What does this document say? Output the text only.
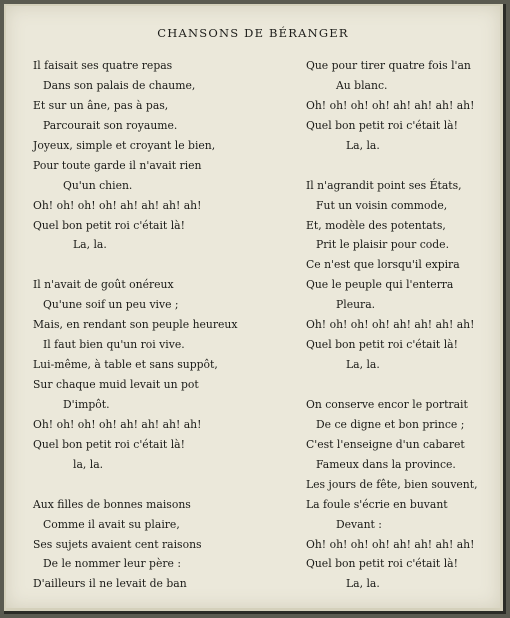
CHANSONS DE BÉRANGER
Il faisait ses quatre repas
Dans son palais de chaume,
Et sur un âne, pas à pas,
Parcourait son royaume.
Joyeux, simple et croyant le bien,
Pour toute garde il n'avait rien
Qu'un chien.
Oh! oh! oh! oh! ah! ah! ah! ah!
Quel bon petit roi c'était là!
La, la.
Il n'avait de goût onéreux
Qu'une soif un peu vive ;
Mais, en rendant son peuple heureux
Il faut bien qu'un roi vive.
Lui-même, à table et sans suppôt,
Sur chaque muid levait un pot
D'impôt.
Oh! oh! oh! oh! ah! ah! ah! ah!
Quel bon petit roi c'était là!
la, la.
Aux filles de bonnes maisons
Comme il avait su plaire,
Ses sujets avaient cent raisons
De le nommer leur père :
D'ailleurs il ne levait de ban
Que pour tirer quatre fois l'an
Au blanc.
Oh! oh! oh! oh! ah! ah! ah! ah!
Quel bon petit roi c'était là!
La, la.
Il n'agrandit point ses États,
Fut un voisin commode,
Et, modèle des potentats,
Prit le plaisir pour code.
Ce n'est que lorsqu'il expira
Que le peuple qui l'enterra
Pleura.
Oh! oh! oh! oh! ah! ah! ah! ah!
Quel bon petit roi c'était là!
La, la.
On conserve encor le portrait
De ce digne et bon prince ;
C'est l'enseigne d'un cabaret
Fameux dans la province.
Les jours de fête, bien souvent,
La foule s'écrie en buvant
Devant :
Oh! oh! oh! oh! ah! ah! ah! ah!
Quel bon petit roi c'était là!
La, la.
